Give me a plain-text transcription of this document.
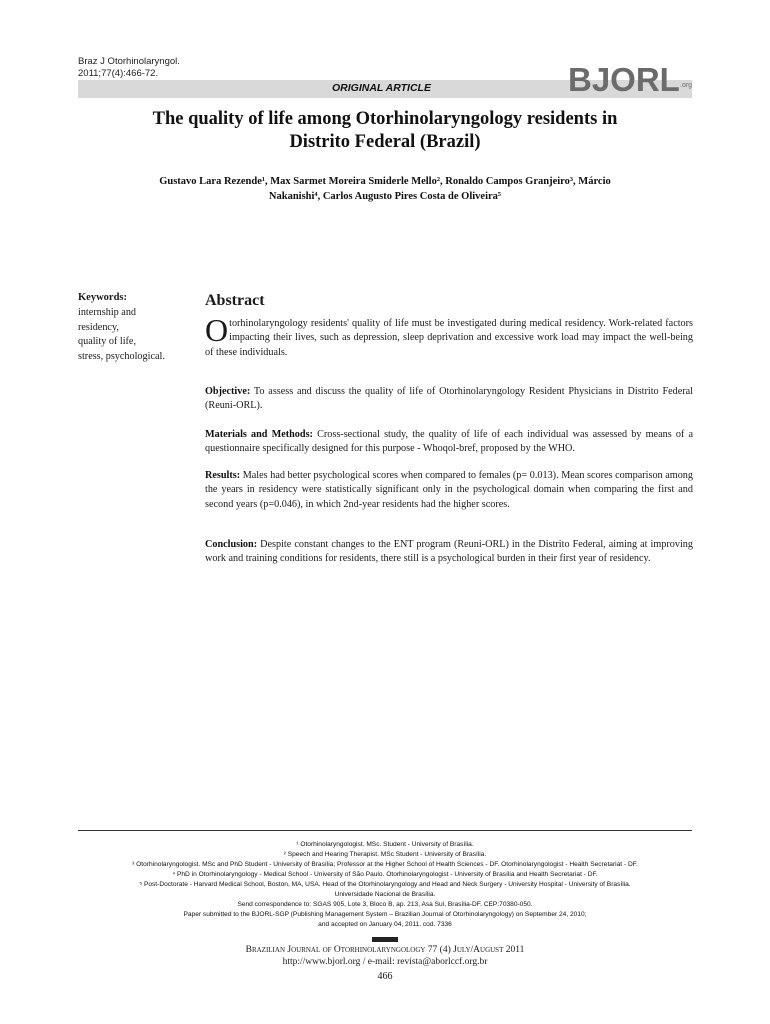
Braz J Otorhinolaryngol.
2011;77(4):466-72.
ORIGINAL ARTICLE	BJORL .org
The quality of life among Otorhinolaryngology residents in
Distrito Federal (Brazil)
Gustavo Lara Rezende¹, Max Sarmet Moreira Smiderle Mello², Ronaldo Campos Granjeiro³, Márcio
Nakanishi⁴, Carlos Augusto Pires Costa de Oliveira⁵
Keywords:
internship and
residency,
quality of life,
stress, psychological.
Abstract
Otorhinolaryngology residents' quality of life must be investigated during medical residency. Work-related factors impacting their lives, such as depression, sleep deprivation and excessive work load may impact the well-being of these individuals.
Objective: To assess and discuss the quality of life of Otorhinolaryngology Resident Physicians in Distrito Federal (Reuni-ORL).
Materials and Methods: Cross-sectional study, the quality of life of each individual was assessed by means of a questionnaire specifically designed for this purpose - Whoqol-bref, proposed by the WHO.
Results: Males had better psychological scores when compared to females (p= 0.013). Mean scores comparison among the years in residency were statistically significant only in the psychological domain when comparing the first and second years (p=0.046), in which 2nd-year residents had the higher scores.
Conclusion: Despite constant changes to the ENT program (Reuni-ORL) in the Distrito Federal, aiming at improving work and training conditions for residents, there still is a psychological burden in their first year of residency.
¹ Otorhinolaryngologist. MSc. Student - University of Brasília.
² Speech and Hearing Therapist. MSc Student - University of Brasília.
³ Otorhinolaryngologist. MSc and PhD Student - University of Brasília; Professor at the Higher School of Health Sciences - DF. Otorhinolaryngologist - Health Secretariat - DF.
⁴ PhD in Otorhinolaryngology - Medical School - University of São Paulo. Otorhinolaryngologist - University of Brasília and Health Secretariat - DF.
⁵ Post-Doctorate - Harvard Medical School, Boston, MA, USA. Head of the Otorhinolaryngology and Head and Neck Surgery - University Hospital - University of Brasília.
Universidade Nacional de Brasília.
Send correspondence to: SGAS 905, Lote 3, Bloco B, ap. 213, Asa Sul, Brasília-DF. CEP:70380-050.
Paper submitted to the BJORL-SGP (Publishing Management System – Brazilian Journal of Otorhinolaryngology) on September 24, 2010;
and accepted on January 04, 2011. cod. 7336
Brazilian Journal of Otorhinolaryngology 77 (4) July/August 2011
http://www.bjorl.org / e-mail: revista@aborlccf.org.br
466
